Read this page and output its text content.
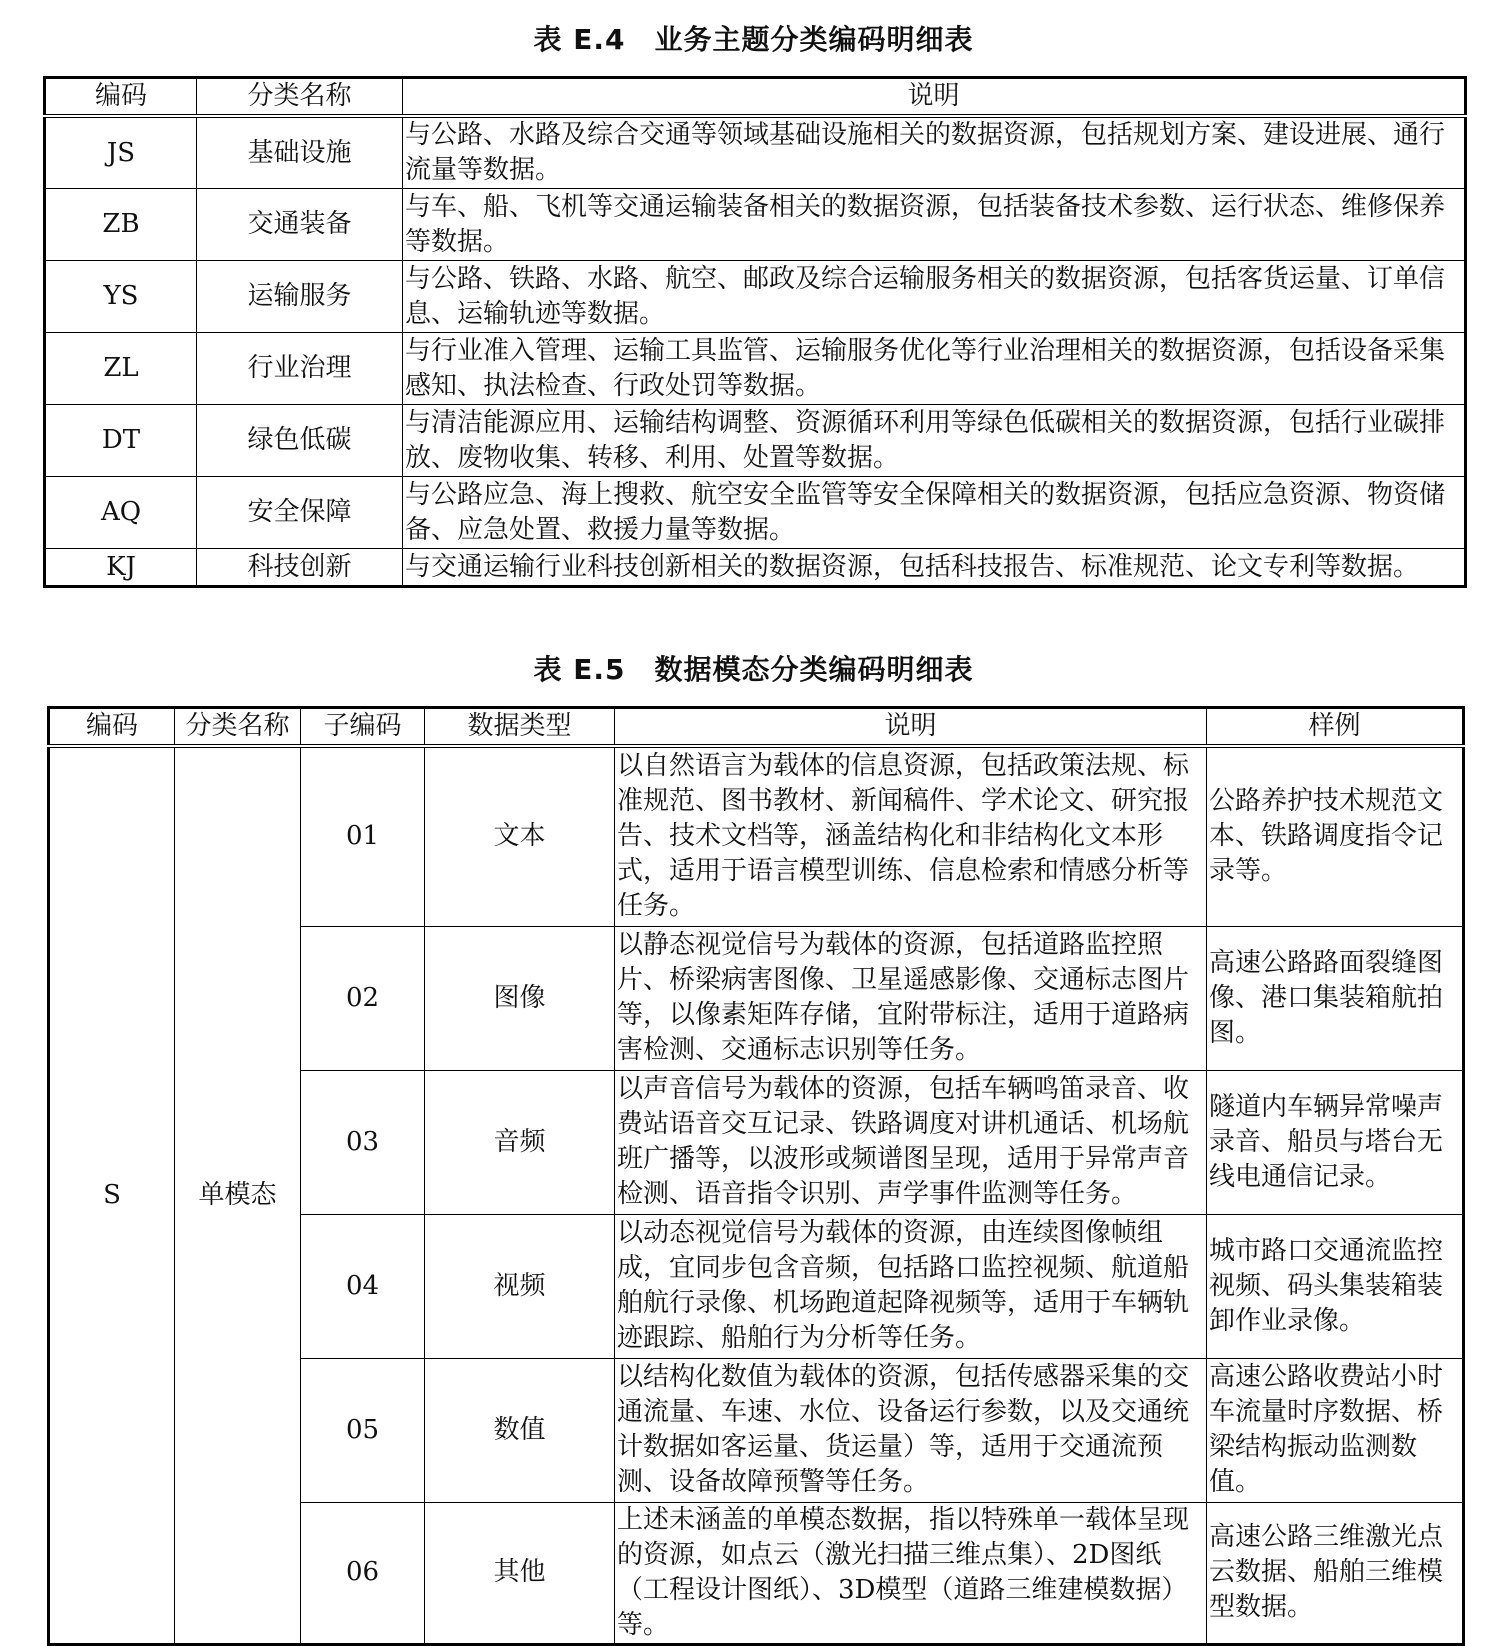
表 E.4　业务主题分类编码明细表
编码	分类名称	说明
JS	基础设施	与公路、水路及综合交通等领域基础设施相关的数据资源，包括规划方案、建设进展、通行流量等数据。
ZB	交通装备	与车、船、飞机等交通运输装备相关的数据资源，包括装备技术参数、运行状态、维修保养等数据。
YS	运输服务	与公路、铁路、水路、航空、邮政及综合运输服务相关的数据资源，包括客货运量、订单信息、运输轨迹等数据。
ZL	行业治理	与行业准入管理、运输工具监管、运输服务优化等行业治理相关的数据资源，包括设备采集感知、执法检查、行政处罚等数据。
DT	绿色低碳	与清洁能源应用、运输结构调整、资源循环利用等绿色低碳相关的数据资源，包括行业碳排放、废物收集、转移、利用、处置等数据。
AQ	安全保障	与公路应急、海上搜救、航空安全监管等安全保障相关的数据资源，包括应急资源、物资储备、应急处置、救援力量等数据。
KJ	科技创新	与交通运输行业科技创新相关的数据资源，包括科技报告、标准规范、论文专利等数据。
表 E.5　数据模态分类编码明细表
编码	分类名称	子编码	数据类型	说明	样例
S	单模态	01	文本	以自然语言为载体的信息资源，包括政策法规、标准规范、图书教材、新闻稿件、学术论文、研究报告、技术文档等，涵盖结构化和非结构化文本形式，适用于语言模型训练、信息检索和情感分析等任务。	公路养护技术规范文本、铁路调度指令记录等。
		02	图像	以静态视觉信号为载体的资源，包括道路监控照片、桥梁病害图像、卫星遥感影像、交通标志图片等，以像素矩阵存储，宜附带标注，适用于道路病害检测、交通标志识别等任务。	高速公路路面裂缝图像、港口集装箱航拍图。
		03	音频	以声音信号为载体的资源，包括车辆鸣笛录音、收费站语音交互记录、铁路调度对讲机通话、机场航班广播等，以波形或频谱图呈现，适用于异常声音检测、语音指令识别、声学事件监测等任务。	隧道内车辆异常噪声录音、船员与塔台无线电通信记录。
		04	视频	以动态视觉信号为载体的资源，由连续图像帧组成，宜同步包含音频，包括路口监控视频、航道船舶航行录像、机场跑道起降视频等，适用于车辆轨迹跟踪、船舶行为分析等任务。	城市路口交通流监控视频、码头集装箱装卸作业录像。
		05	数值	以结构化数值为载体的资源，包括传感器采集的交通流量、车速、水位、设备运行参数，以及交通统计数据如客运量、货运量）等，适用于交通流预测、设备故障预警等任务。	高速公路收费站小时车流量时序数据、桥梁结构振动监测数值。
		06	其他	上述未涵盖的单模态数据，指以特殊单一载体呈现的资源，如点云（激光扫描三维点集）、2D图纸（工程设计图纸）、3D模型（道路三维建模数据）等。	高速公路三维激光点云数据、船舶三维模型数据。
